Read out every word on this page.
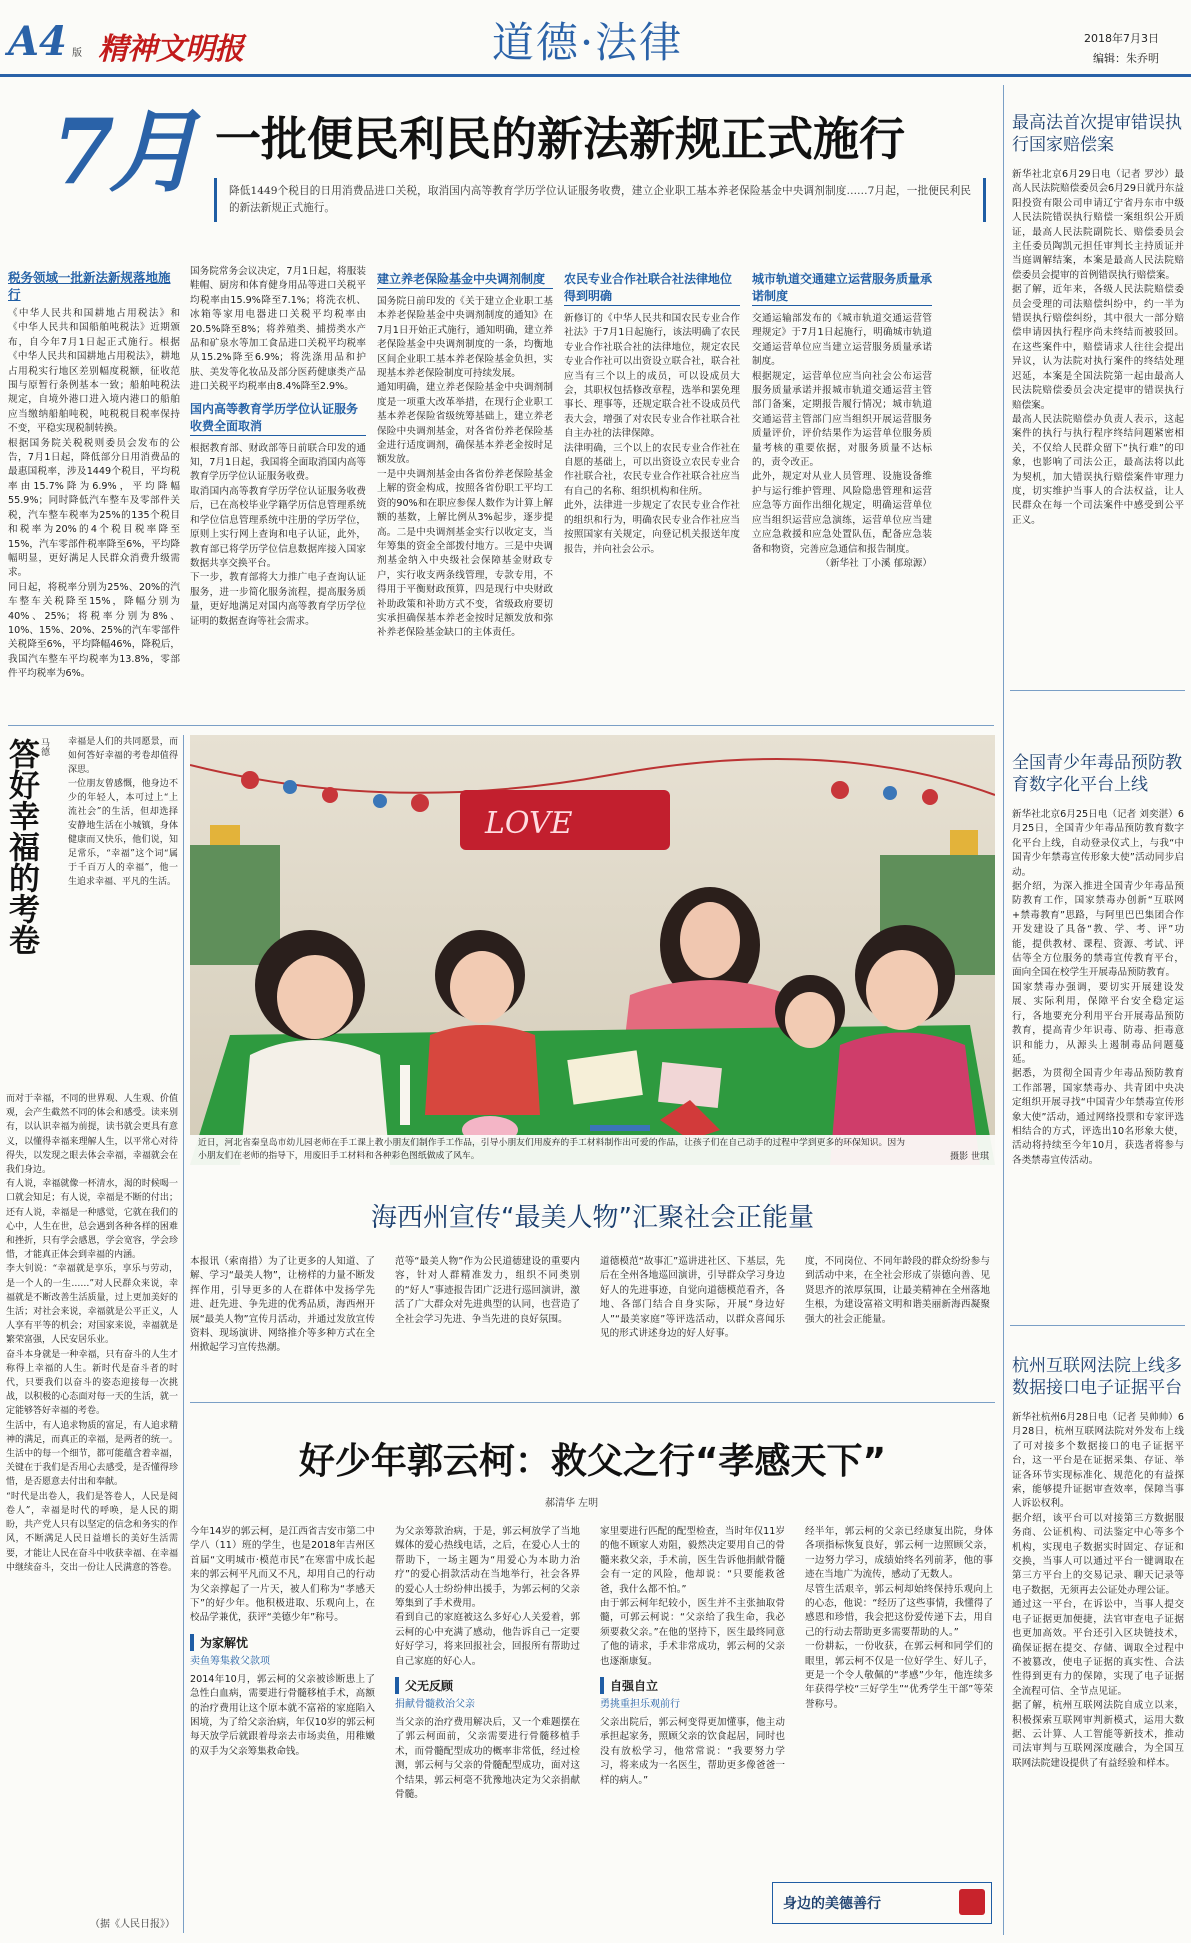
A4 版 精神文明报	道德·法律	2018年7月3日
编辑：朱乔明
7月 一批便民利民的新法新规正式施行

降低1449个税目的日用消费品进口关税，取消国内高等教育学历学位认证服务收费，建立企业职工基本养老保险基金中央调剂制度……7月起，一批便民利民的新法新规正式施行。

税务领域一批新法新规落地施行

《中华人民共和国耕地占用税法》和《中华人民共和国船舶吨税法》近期颁布，自今年7月1日起正式施行。根据《中华人民共和国耕地占用税法》，耕地占用税实行地区差别幅度税额，征收范围与原暂行条例基本一致；船舶吨税法规定，自境外港口进入境内港口的船舶应当缴纳船舶吨税，吨税税目税率保持不变，平稳实现税制转换。

根据国务院关税税则委员会发布的公告，7月1日起，降低部分日用消费品的最惠国税率，涉及1449个税目，平均税率由15.7%降为6.9%，平均降幅55.9%；同时降低汽车整车及零部件关税，汽车整车税率为25%的135个税目和税率为20%的4个税目税率降至15%，汽车零部件税率降至6%，平均降幅明显，更好满足人民群众消费升级需求。

同日起，将税率分别为25%、20%的汽车整车关税降至15%，降幅分别为40%、25%；将税率分别为8%、10%、15%、20%、25%的汽车零部件关税降至6%，平均降幅46%，降税后，我国汽车整车平均税率为13.8%，零部件平均税率为6%。

国务院常务会议决定，7月1日起，将服装鞋帽、厨房和体育健身用品等进口关税平均税率由15.9%降至7.1%；将洗衣机、冰箱等家用电器进口关税平均税率由20.5%降至8%；将养殖类、捕捞类水产品和矿泉水等加工食品进口关税平均税率从15.2%降至6.9%；将洗涤用品和护肤、美发等化妆品及部分医药健康类产品进口关税平均税率由8.4%降至2.9%。

国内高等教育学历学位认证服务收费全面取消

根据教育部、财政部等日前联合印发的通知，7月1日起，我国将全面取消国内高等教育学历学位认证服务收费。

取消国内高等教育学历学位认证服务收费后，已在高校毕业学籍学历信息管理系统和学位信息管理系统中注册的学历学位，原则上实行网上查询和电子认证，此外，教育部已将学历学位信息数据库接入国家数据共享交换平台。

下一步，教育部将大力推广电子查询认证服务，进一步简化服务流程，提高服务质量，更好地满足对国内高等教育学历学位证明的数据查询等社会需求。

建立养老保险基金中央调剂制度

国务院日前印发的《关于建立企业职工基本养老保险基金中央调剂制度的通知》在7月1日开始正式施行，通知明确，建立养老保险基金中央调剂制度的一条，均衡地区间企业职工基本养老保险基金负担，实现基本养老保险制度可持续发展。

通知明确，建立养老保险基金中央调剂制度是一项重大改革举措，在现行企业职工基本养老保险省级统筹基础上，建立养老保险中央调剂基金，对各省份养老保险基金进行适度调剂，确保基本养老金按时足额发放。

一是中央调剂基金由各省份养老保险基金上解的资金构成，按照各省份职工平均工资的90%和在职应参保人数作为计算上解额的基数，上解比例从3%起步，逐步提高。二是中央调剂基金实行以收定支，当年筹集的资金全部拨付地方。三是中央调剂基金纳入中央级社会保障基金财政专户，实行收支两条线管理，专款专用，不得用于平衡财政预算，四是现行中央财政补助政策和补助方式不变，省级政府要切实承担确保基本养老金按时足额发放和弥补养老保险基金缺口的主体责任。

农民专业合作社联合社法律地位得到明确

新修订的《中华人民共和国农民专业合作社法》于7月1日起施行，该法明确了农民专业合作社联合社的法律地位，规定农民专业合作社可以出资设立联合社，联合社应当有三个以上的成员，可以设成员大会，其职权包括修改章程，选举和罢免理事长、理事等，还规定联合社不设成员代表大会，增强了对农民专业合作社联合社自主办社的法律保障。

法律明确，三个以上的农民专业合作社在自愿的基础上，可以出资设立农民专业合作社联合社，农民专业合作社联合社应当有自己的名称、组织机构和住所。

此外，法律进一步规定了农民专业合作社的组织和行为，明确农民专业合作社应当按照国家有关规定，向登记机关报送年度报告，并向社会公示。

城市轨道交通建立运营服务质量承诺制度

交通运输部发布的《城市轨道交通运营管理规定》于7月1日起施行，明确城市轨道交通运营单位应当建立运营服务质量承诺制度。

根据规定，运营单位应当向社会公布运营服务质量承诺并报城市轨道交通运营主管部门备案，定期报告履行情况；城市轨道交通运营主管部门应当组织开展运营服务质量评价，评价结果作为运营单位服务质量考核的重要依据，对服务质量不达标的，责令改正。

此外，规定对从业人员管理、设施设备维护与运行维护管理、风险隐患管理和运营应急等方面作出细化规定，明确运营单位应当组织运营应急演练，运营单位应当建立应急救援和应急处置队伍，配备应急装备和物资，完善应急通信和报告制度。

（新华社 丁小溪 郁琼源）

答好幸福的考卷 马德 幸福是人们的共同愿景，而如何答好幸福的考卷却值得深思。

一位朋友曾感慨，他身边不少的年轻人，本可过上“上流社会”的生活，但却选择安静地生活在小城镇，身体健康而又快乐，他们说，知足常乐，“幸福”这个词“属于千百万人的幸福”，他一生追求幸福、平凡的生活。

而对于幸福，不同的世界观、人生观、价值观，会产生截然不同的体会和感受。读来别有，以认识幸福为前提，读书就会更具有意义，以懂得幸福来理解人生，以平常心对待得失，以发现之眼去体会幸福，幸福就会在我们身边。

有人说，幸福就像一杯清水，渴的时候喝一口就会知足；有人说，幸福是不断的付出；还有人说，幸福是一种感觉，它就在我们的心中，人生在世，总会遇到各种各样的困难和挫折，只有学会感恩，学会宽容，学会珍惜，才能真正体会到幸福的内涵。

李大钊说：“幸福就是享乐，享乐与劳动，是一个人的一生……”对人民群众来说，幸福就是不断改善生活质量，过上更加美好的生活；对社会来说，幸福就是公平正义，人人享有平等的机会；对国家来说，幸福就是繁荣富强，人民安居乐业。

奋斗本身就是一种幸福，只有奋斗的人生才称得上幸福的人生。新时代是奋斗者的时代，只要我们以奋斗的姿态迎接每一次挑战，以积极的心态面对每一天的生活，就一定能够答好幸福的考卷。

生活中，有人追求物质的富足，有人追求精神的满足，而真正的幸福，是两者的统一。生活中的每一个细节，都可能蕴含着幸福，关键在于我们是否用心去感受，是否懂得珍惜，是否愿意去付出和奉献。

“时代是出卷人，我们是答卷人，人民是阅卷人”，幸福是时代的呼唤，是人民的期盼，共产党人只有以坚定的信念和务实的作风，不断满足人民日益增长的美好生活需要，才能让人民在奋斗中收获幸福、在幸福中继续奋斗，交出一份让人民满意的答卷。

（据《人民日报》）
LOVE

近日，河北省秦皇岛市幼儿园老师在手工课上教小朋友们制作手工作品，引导小朋友们用废弃的手工材料制作出可爱的作品，让孩子们在自己动手的过程中学到更多的环保知识。因为小朋友们在老师的指导下，用废旧手工材料和各种彩色图纸做成了风车。	摄影 世琪
海西州宣传“最美人物”汇聚社会正能量

本报讯（索南措）为了让更多的人知道、了解、学习“最美人物”，让榜样的力量不断发挥作用，引导更多的人在群体中发扬学先进、赶先进、争先进的优秀品质，海西州开展“最美人物”宣传月活动，并通过发放宣传资料、现场演讲、网络推介等多种方式在全州掀起学习宣传热潮。

范等“最美人物”作为公民道德建设的重要内容，针对人群精准发力，组织不同类别的“好人”事迹报告团广泛进行巡回演讲，激活了广大群众对先进典型的认同，也营造了全社会学习先进、争当先进的良好氛围。

道德模范“故事汇”巡讲进社区、下基层，先后在全州各地巡回演讲，引导群众学习身边好人的先进事迹，自觉向道德模范看齐，各地、各部门结合自身实际，开展“身边好人”“最美家庭”等评选活动，以群众喜闻乐见的形式讲述身边的好人好事。

度，不同岗位、不同年龄段的群众纷纷参与到活动中来，在全社会形成了崇德向善、见贤思齐的浓厚氛围，让最美精神在全州落地生根，为建设富裕文明和谐美丽新海西凝聚强大的社会正能量。

好少年郭云柯：救父之行“孝感天下”
郝清华 左明

今年14岁的郭云柯，是江西省吉安市第二中学八（11）班的学生，也是2018年吉州区首届“文明城市·模范市民”在寒雷中成长起来的郭云柯平凡而又不凡，却用自己的行动为父亲撑起了一片天，被人们称为“孝感天下”的好少年。他积极进取、乐观向上，在校品学兼优，获评“美德少年”称号。

为家解忧
卖鱼筹集救父款项

2014年10月，郭云柯的父亲被诊断患上了急性白血病，需要进行骨髓移植手术，高额的治疗费用让这个原本就不富裕的家庭陷入困境，为了给父亲治病，年仅10岁的郭云柯每天放学后就跟着母亲去市场卖鱼，用稚嫩的双手为父亲筹集救命钱。

为父亲筹款治病，于是，郭云柯放学了当地媒体的爱心热线电话，之后，在爱心人士的帮助下，一场主题为“用爱心为本助力治疗”的爱心捐款活动在当地举行，社会各界的爱心人士纷纷伸出援手，为郭云柯的父亲筹集到了手术费用。

看到自己的家庭被这么多好心人关爱着，郭云柯的心中充满了感动，他告诉自己一定要好好学习，将来回报社会，回报所有帮助过自己家庭的好心人。

父无反顾
捐献骨髓救治父亲

当父亲的治疗费用解决后，又一个难题摆在了郭云柯面前，父亲需要进行骨髓移植手术，而骨髓配型成功的概率非常低，经过检测，郭云柯与父亲的骨髓配型成功，面对这个结果，郭云柯毫不犹豫地决定为父亲捐献骨髓。

家里要进行匹配的配型检查，当时年仅11岁的他不顾家人劝阻，毅然决定要用自己的骨髓来救父亲，手术前，医生告诉他捐献骨髓会有一定的风险，他却说：“只要能救爸爸，我什么都不怕。”

由于郭云柯年纪较小，医生并不主张抽取骨髓，可郭云柯说：“父亲给了我生命，我必须要救父亲。”在他的坚持下，医生最终同意了他的请求，手术非常成功，郭云柯的父亲也逐渐康复。

自强自立
勇挑重担乐观前行

父亲出院后，郭云柯变得更加懂事，他主动承担起家务，照顾父亲的饮食起居，同时也没有放松学习，他常常说：“我要努力学习，将来成为一名医生，帮助更多像爸爸一样的病人。”

经半年，郭云柯的父亲已经康复出院，身体各项指标恢复良好，郭云柯一边照顾父亲，一边努力学习，成绩始终名列前茅，他的事迹在当地广为流传，感动了无数人。

尽管生活艰辛，郭云柯却始终保持乐观向上的心态，他说：“经历了这些事情，我懂得了感恩和珍惜，我会把这份爱传递下去，用自己的行动去帮助更多需要帮助的人。”

一份耕耘，一份收获，在郭云柯和同学们的眼里，郭云柯不仅是一位好学生、好儿子，更是一个令人敬佩的“孝感”少年，他连续多年获得学校“三好学生”“优秀学生干部”等荣誉称号。

身边的美德善行
最高法首次提审错误执行国家赔偿案

新华社北京6月29日电（记者 罗沙）最高人民法院赔偿委员会6月29日就丹东益阳投资有限公司申请辽宁省丹东市中级人民法院错误执行赔偿一案组织公开质证，最高人民法院副院长、赔偿委员会主任委员陶凯元担任审判长主持质证并当庭调解结案，本案是最高人民法院赔偿委员会提审的首例错误执行赔偿案。

据了解，近年来，各级人民法院赔偿委员会受理的司法赔偿纠纷中，约一半为错误执行赔偿纠纷，其中很大一部分赔偿申请因执行程序尚未终结而被驳回。在这些案件中，赔偿请求人往往会提出异议，认为法院对执行案件的终结处理迟延，本案是全国法院第一起由最高人民法院赔偿委员会决定提审的错误执行赔偿案。

最高人民法院赔偿办负责人表示，这起案件的执行与执行程序终结问题紧密相关，不仅给人民群众留下“执行难”的印象，也影响了司法公正，最高法将以此为契机，加大错误执行赔偿案件审理力度，切实维护当事人的合法权益，让人民群众在每一个司法案件中感受到公平正义。

全国青少年毒品预防教育数字化平台上线

新华社北京6月25日电（记者 刘奕湛）6月25日，全国青少年毒品预防教育数字化平台上线，自动登录仪式上，与我“中国青少年禁毒宣传形象大使”活动同步启动。

据介绍，为深入推进全国青少年毒品预防教育工作，国家禁毒办创新“互联网+禁毒教育”思路，与阿里巴巴集团合作开发建设了具备“教、学、考、评”功能，提供教材、课程、资源、考试、评估等全方位服务的禁毒宣传教育平台，面向全国在校学生开展毒品预防教育。

国家禁毒办强调，要切实开展建设发展、实际利用，保障平台安全稳定运行，各地要充分利用平台开展毒品预防教育，提高青少年识毒、防毒、拒毒意识和能力，从源头上遏制毒品问题蔓延。

据悉，为贯彻全国青少年毒品预防教育工作部署，国家禁毒办、共青团中央决定组织开展寻找“中国青少年禁毒宣传形象大使”活动，通过网络投票和专家评选相结合的方式，评选出10名形象大使，活动将持续至今年10月，获选者将参与各类禁毒宣传活动。

杭州互联网法院上线多数据接口电子证据平台

新华社杭州6月28日电（记者 吴帅帅）6月28日，杭州互联网法院对外发布上线了可对接多个数据接口的电子证据平台，这一平台是在证据采集、存证、举证各环节实现标准化、规范化的有益探索，能够提升证据审查效率，保障当事人诉讼权利。

据介绍，该平台可以对接第三方数据服务商、公证机构、司法鉴定中心等多个机构，实现电子数据实时固定、存证和交换，当事人可以通过平台一键调取在第三方平台上的交易记录、聊天记录等电子数据，无须再去公证处办理公证。

通过这一平台，在诉讼中，当事人提交电子证据更加便捷，法官审查电子证据也更加高效。平台还引入区块链技术，确保证据在提交、存储、调取全过程中不被篡改，使电子证据的真实性、合法性得到更有力的保障，实现了电子证据全流程可信、全节点见证。

据了解，杭州互联网法院自成立以来，积极探索互联网审判新模式，运用大数据、云计算、人工智能等新技术，推动司法审判与互联网深度融合，为全国互联网法院建设提供了有益经验和样本。
